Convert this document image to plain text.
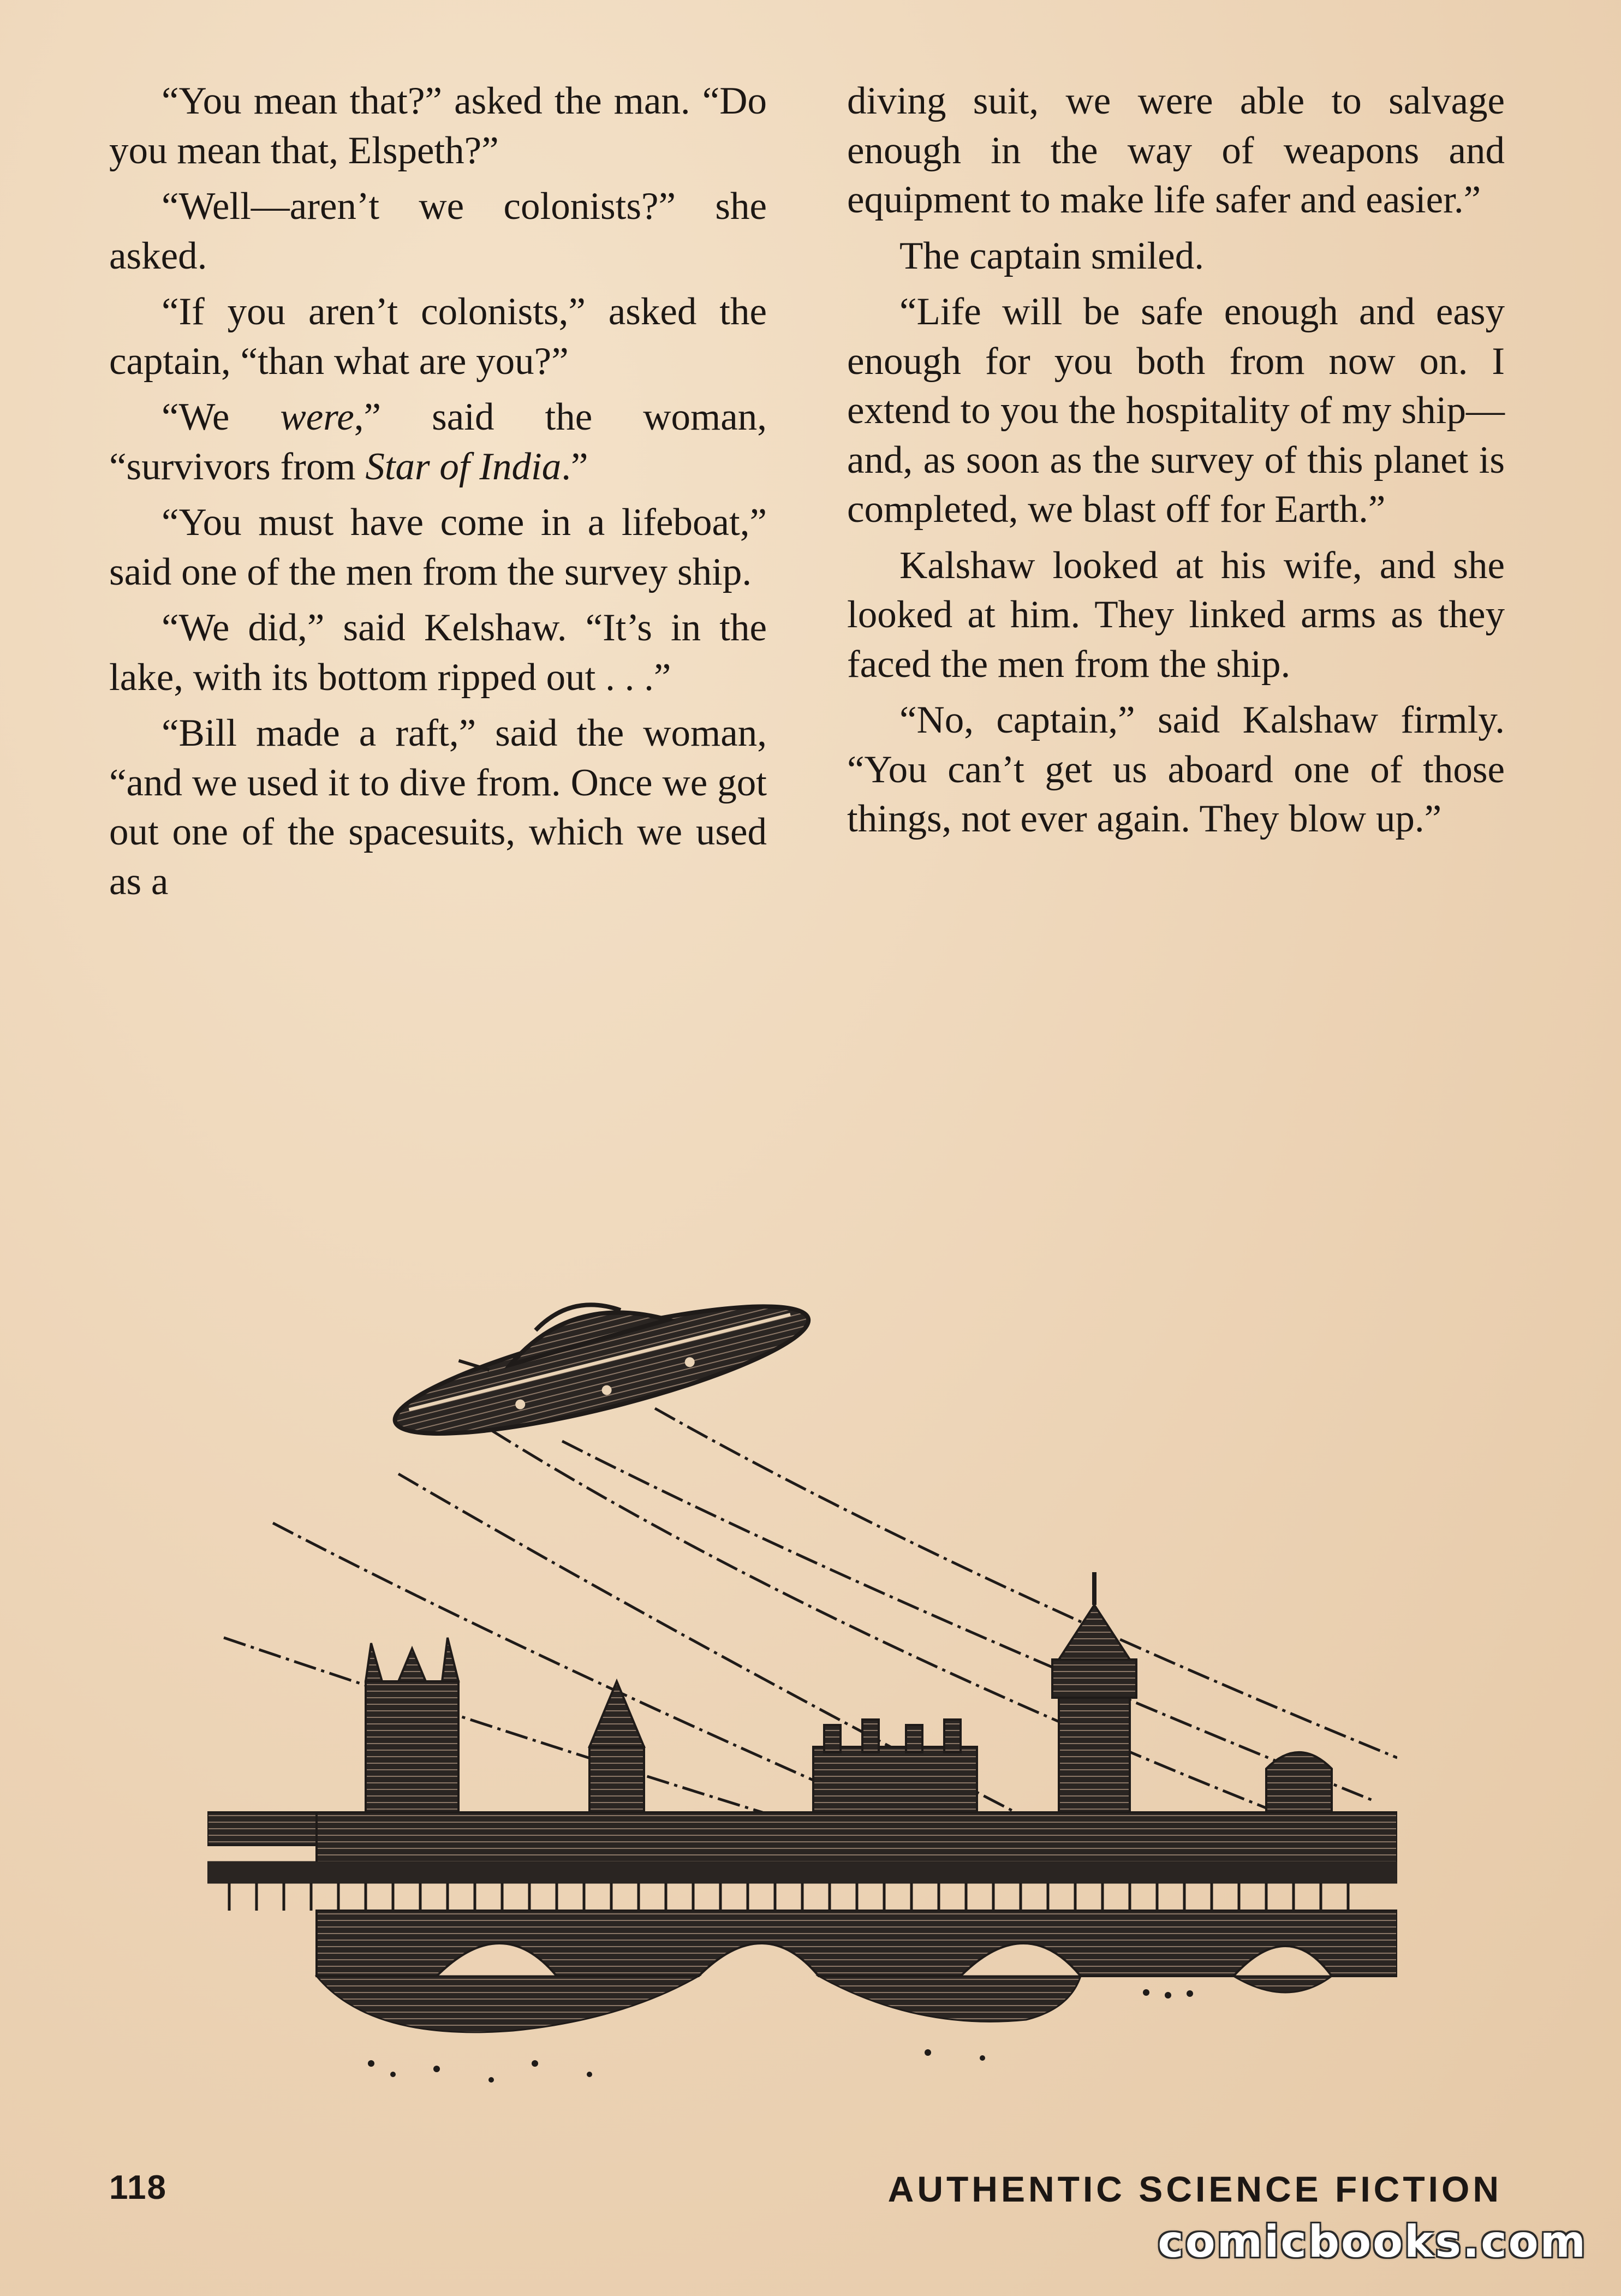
“You mean that?” asked the man. “Do you mean that, Elspeth?”

“Well—aren’t we colonists?” she asked.

“If you aren’t colonists,” asked the captain, “than what are you?”

“We were,” said the woman, “survivors from Star of India.”

“You must have come in a lifeboat,” said one of the men from the survey ship.

“We did,” said Kelshaw. “It’s in the lake, with its bottom ripped out . . .”

“Bill made a raft,” said the woman, “and we used it to dive from. Once we got out one of the spacesuits, which we used as a

diving suit, we were able to salvage enough in the way of weapons and equipment to make life safer and easier.”

The captain smiled.

“Life will be safe enough and easy enough for you both from now on. I extend to you the hospitality of my ship—and, as soon as the survey of this planet is completed, we blast off for Earth.”

Kalshaw looked at his wife, and she looked at him. They linked arms as they faced the men from the ship.

“No, captain,” said Kalshaw firmly. “You can’t get us aboard one of those things, not ever again. They blow up.”

118	AUTHENTIC SCIENCE FICTION
comicbooks.com
